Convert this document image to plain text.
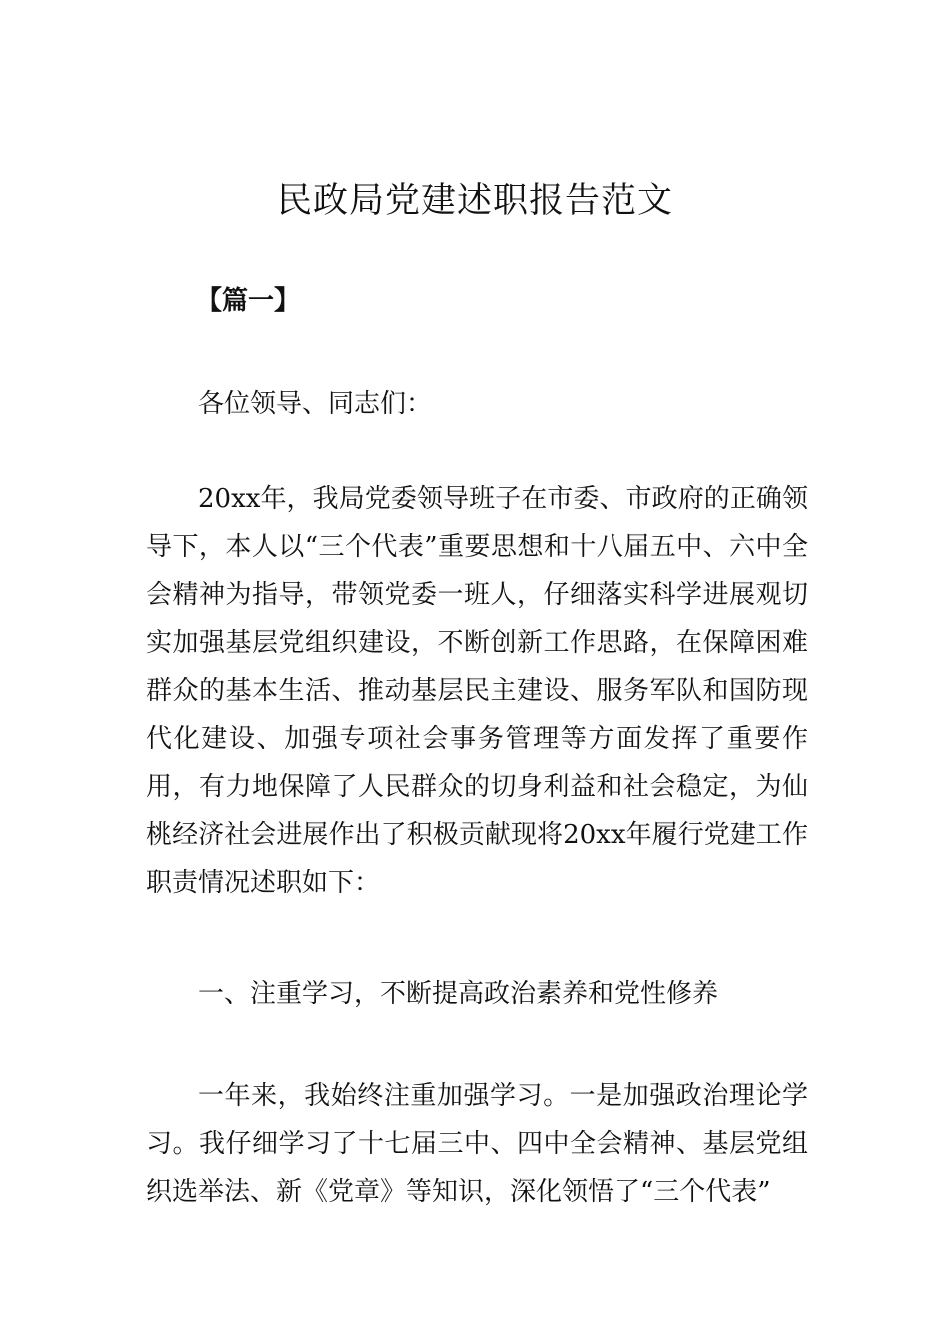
民政局党建述职报告范文

【篇一】

各位领导、同志们：

20xx年，我局党委领导班子在市委、市政府的正确领导下，本人以“三个代表”重要思想和十八届五中、六中全会精神为指导，带领党委一班人，仔细落实科学进展观切实加强基层党组织建设，不断创新工作思路，在保障困难群众的基本生活、推动基层民主建设、服务军队和国防现代化建设、加强专项社会事务管理等方面发挥了重要作用，有力地保障了人民群众的切身利益和社会稳定，为仙桃经济社会进展作出了积极贡献现将20xx年履行党建工作职责情况述职如下：

一、注重学习，不断提高政治素养和党性修养

一年来，我始终注重加强学习。一是加强政治理论学习。我仔细学习了十七届三中、四中全会精神、基层党组织选举法、新《党章》等知识，深化领悟了“三个代表”
